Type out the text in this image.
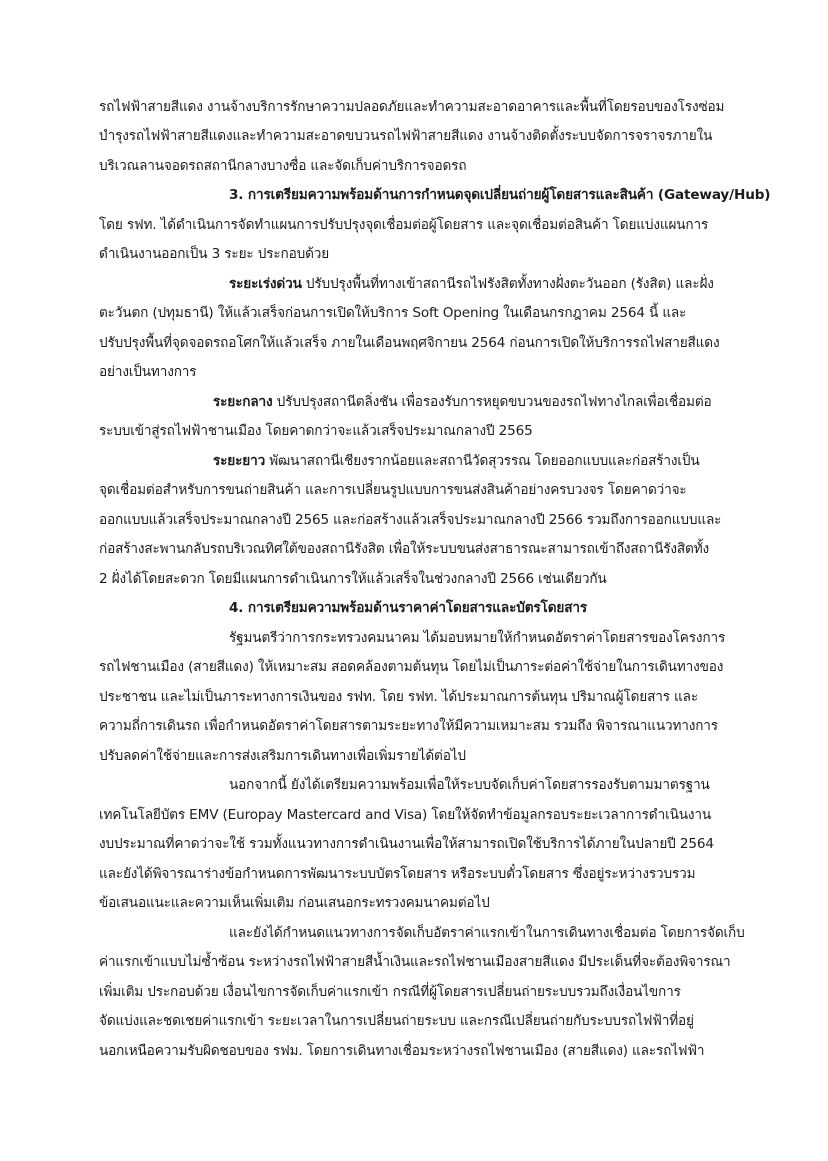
รถไฟฟ้าสายสีแดง งานจ้างบริการรักษาความปลอดภัยและทำความสะอาดอาคารและพื้นที่โดยรอบของโรงซ่อม
บำรุงรถไฟฟ้าสายสีแดงและทำความสะอาดขบวนรถไฟฟ้าสายสีแดง งานจ้างติดตั้งระบบจัดการจราจรภายใน
บริเวณลานจอดรถสถานีกลางบางซื่อ และจัดเก็บค่าบริการจอดรถ
3. การเตรียมความพร้อมด้านการกำหนดจุดเปลี่ยนถ่ายผู้โดยสารและสินค้า (Gateway/Hub)
โดย รฟท. ได้ดำเนินการจัดทำแผนการปรับปรุงจุดเชื่อมต่อผู้โดยสาร และจุดเชื่อมต่อสินค้า โดยแบ่งแผนการ
ดำเนินงานออกเป็น 3 ระยะ ประกอบด้วย
ระยะเร่งด่วน ปรับปรุงพื้นที่ทางเข้าสถานีรถไฟรังสิตทั้งทางฝั่งตะวันออก (รังสิต) และฝั่ง
ตะวันตก (ปทุมธานี) ให้แล้วเสร็จก่อนการเปิดให้บริการ Soft Opening ในเดือนกรกฎาคม 2564 นี้ และ
ปรับปรุงพื้นที่จุดจอดรถอโศกให้แล้วเสร็จ ภายในเดือนพฤศจิกายน 2564 ก่อนการเปิดให้บริการรถไฟสายสีแดง
อย่างเป็นทางการ
ระยะกลาง ปรับปรุงสถานีตลิ่งชัน เพื่อรองรับการหยุดขบวนของรถไฟทางไกลเพื่อเชื่อมต่อ
ระบบเข้าสู่รถไฟฟ้าชานเมือง โดยคาดกว่าจะแล้วเสร็จประมาณกลางปี 2565
ระยะยาว พัฒนาสถานีเชียงรากน้อยและสถานีวัดสุวรรณ โดยออกแบบและก่อสร้างเป็น
จุดเชื่อมต่อสำหรับการขนถ่ายสินค้า และการเปลี่ยนรูปแบบการขนส่งสินค้าอย่างครบวงจร โดยคาดว่าจะ
ออกแบบแล้วเสร็จประมาณกลางปี 2565 และก่อสร้างแล้วเสร็จประมาณกลางปี 2566 รวมถึงการออกแบบและ
ก่อสร้างสะพานกลับรถบริเวณทิศใต้ของสถานีรังสิต เพื่อให้ระบบขนส่งสาธารณะสามารถเข้าถึงสถานีรังสิตทั้ง
2 ฝั่งได้โดยสะดวก โดยมีแผนการดำเนินการให้แล้วเสร็จในช่วงกลางปี 2566 เช่นเดียวกัน
4. การเตรียมความพร้อมด้านราคาค่าโดยสารและบัตรโดยสาร
รัฐมนตรีว่าการกระทรวงคมนาคม ได้มอบหมายให้กำหนดอัตราค่าโดยสารของโครงการ
รถไฟชานเมือง (สายสีแดง) ให้เหมาะสม สอดคล้องตามต้นทุน โดยไม่เป็นภาระต่อค่าใช้จ่ายในการเดินทางของ
ประชาชน และไม่เป็นภาระทางการเงินของ รฟท. โดย รฟท. ได้ประมาณการต้นทุน ปริมาณผู้โดยสาร และ
ความถี่การเดินรถ เพื่อกำหนดอัตราค่าโดยสารตามระยะทางให้มีความเหมาะสม รวมถึง พิจารณาแนวทางการ
ปรับลดค่าใช้จ่ายและการส่งเสริมการเดินทางเพื่อเพิ่มรายได้ต่อไป
นอกจากนี้ ยังได้เตรียมความพร้อมเพื่อให้ระบบจัดเก็บค่าโดยสารรองรับตามมาตรฐาน
เทคโนโลยีบัตร EMV (Europay Mastercard and Visa) โดยให้จัดทำข้อมูลกรอบระยะเวลาการดำเนินงาน
งบประมาณที่คาดว่าจะใช้ รวมทั้งแนวทางการดำเนินงานเพื่อให้สามารถเปิดใช้บริการได้ภายในปลายปี 2564
และยังได้พิจารณาร่างข้อกำหนดการพัฒนาระบบบัตรโดยสาร หรือระบบตั๋วโดยสาร ซึ่งอยู่ระหว่างรวบรวม
ข้อเสนอแนะและความเห็นเพิ่มเติม ก่อนเสนอกระทรวงคมนาคมต่อไป
และยังได้กำหนดแนวทางการจัดเก็บอัตราค่าแรกเข้าในการเดินทางเชื่อมต่อ โดยการจัดเก็บ
ค่าแรกเข้าแบบไม่ซ้ำซ้อน ระหว่างรถไฟฟ้าสายสีน้ำเงินและรถไฟชานเมืองสายสีแดง มีประเด็นที่จะต้องพิจารณา
เพิ่มเติม ประกอบด้วย เงื่อนไขการจัดเก็บค่าแรกเข้า กรณีที่ผู้โดยสารเปลี่ยนถ่ายระบบรวมถึงเงื่อนไขการ
จัดแบ่งและชดเชยค่าแรกเข้า ระยะเวลาในการเปลี่ยนถ่ายระบบ และกรณีเปลี่ยนถ่ายกับระบบรถไฟฟ้าที่อยู่
นอกเหนือความรับผิดชอบของ รฟม. โดยการเดินทางเชื่อมระหว่างรถไฟชานเมือง (สายสีแดง) และรถไฟฟ้า
